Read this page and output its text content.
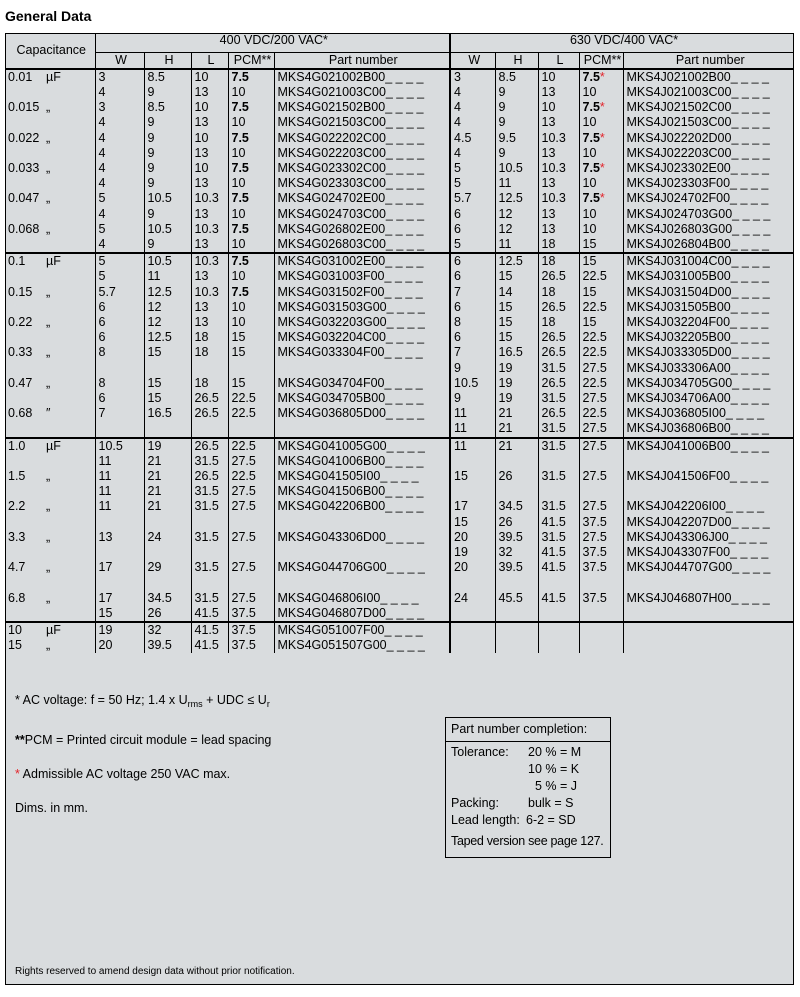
General Data
Capacitance	400 VDC/200 VAC*					630 VDC/400 VAC*				
	W	H	L	PCM**	Part number	W	H	L	PCM**	Part number
0.01 µF	3	8.5	10	7.5	MKS4G021002B00_ _ _ _	3	8.5	10	7.5*	MKS4J021002B00_ _ _ _
	4	9	13	10	MKS4G021003C00_ _ _ _	4	9	13	10	MKS4J021003C00_ _ _ _
0.015 „	3	8.5	10	7.5	MKS4G021502B00_ _ _ _	4	9	10	7.5*	MKS4J021502C00_ _ _ _
	4	9	13	10	MKS4G021503C00_ _ _ _	4	9	13	10	MKS4J021503C00_ _ _ _
0.022 „	4	9	10	7.5	MKS4G022202C00_ _ _ _	4.5	9.5	10.3	7.5*	MKS4J022202D00_ _ _ _
	4	9	13	10	MKS4G022203C00_ _ _ _	4	9	13	10	MKS4J022203C00_ _ _ _
0.033 „	4	9	10	7.5	MKS4G023302C00_ _ _ _	5	10.5	10.3	7.5*	MKS4J023302E00_ _ _ _
	4	9	13	10	MKS4G023303C00_ _ _ _	5	11	13	10	MKS4J023303F00_ _ _ _
0.047 „	5	10.5	10.3	7.5	MKS4G024702E00_ _ _ _	5.7	12.5	10.3	7.5*	MKS4J024702F00_ _ _ _
	4	9	13	10	MKS4G024703C00_ _ _ _	6	12	13	10	MKS4J024703G00_ _ _ _
0.068 „	5	10.5	10.3	7.5	MKS4G026802E00_ _ _ _	6	12	13	10	MKS4J026803G00_ _ _ _
	4	9	13	10	MKS4G026803C00_ _ _ _	5	11	18	15	MKS4J026804B00_ _ _ _
0.1 µF	5	10.5	10.3	7.5	MKS4G031002E00_ _ _ _	6	12.5	18	15	MKS4J031004C00_ _ _ _
	5	11	13	10	MKS4G031003F00_ _ _ _	6	15	26.5	22.5	MKS4J031005B00_ _ _ _
0.15 „	5.7	12.5	10.3	7.5	MKS4G031502F00_ _ _ _	7	14	18	15	MKS4J031504D00_ _ _ _
	6	12	13	10	MKS4G031503G00_ _ _ _	6	15	26.5	22.5	MKS4J031505B00_ _ _ _
0.22 „	6	12	13	10	MKS4G032203G00_ _ _ _	8	15	18	15	MKS4J032204F00_ _ _ _
	6	12.5	18	15	MKS4G032204C00_ _ _ _	6	15	26.5	22.5	MKS4J032205B00_ _ _ _
0.33 „	8	15	18	15	MKS4G033304F00_ _ _ _	7	16.5	26.5	22.5	MKS4J033305D00_ _ _ _
						9	19	31.5	27.5	MKS4J033306A00_ _ _ _
0.47 „	8	15	18	15	MKS4G034704F00_ _ _ _	10.5	19	26.5	22.5	MKS4J034705G00_ _ _ _
	6	15	26.5	22.5	MKS4G034705B00_ _ _ _	9	19	31.5	27.5	MKS4J034706A00_ _ _ _
0.68 ″	7	16.5	26.5	22.5	MKS4G036805D00_ _ _ _	11	21	26.5	22.5	MKS4J036805I00_ _ _ _
						11	21	31.5	27.5	MKS4J036806B00_ _ _ _
1.0 µF	10.5	19	26.5	22.5	MKS4G041005G00_ _ _ _	11	21	31.5	27.5	MKS4J041006B00_ _ _ _
	11	21	31.5	27.5	MKS4G041006B00_ _ _ _					
1.5 „	11	21	26.5	22.5	MKS4G041505I00_ _ _ _	15	26	31.5	27.5	MKS4J041506F00_ _ _ _
	11	21	31.5	27.5	MKS4G041506B00_ _ _ _					
2.2 „	11	21	31.5	27.5	MKS4G042206B00_ _ _ _	17	34.5	31.5	27.5	MKS4J042206I00_ _ _ _
						15	26	41.5	37.5	MKS4J042207D00_ _ _ _
3.3 „	13	24	31.5	27.5	MKS4G043306D00_ _ _ _	20	39.5	31.5	27.5	MKS4J043306J00_ _ _ _
						19	32	41.5	37.5	MKS4J043307F00_ _ _ _
4.7 „	17	29	31.5	27.5	MKS4G044706G00_ _ _ _	20	39.5	41.5	37.5	MKS4J044707G00_ _ _ _

6.8 „	17	34.5	31.5	27.5	MKS4G046806I00_ _ _ _	24	45.5	41.5	37.5	MKS4J046807H00_ _ _ _
	15	26	41.5	37.5	MKS4G046807D00_ _ _ _					
10 µF	19	32	41.5	37.5	MKS4G051007F00_ _ _ _					
15 „	20	39.5	41.5	37.5	MKS4G051507G00_ _ _ _					
* AC voltage: f = 50 Hz; 1.4 x $U_{rms}$ + UDC ≤ $U_r$
**PCM = Printed circuit module = lead spacing
* Admissible AC voltage 250 VAC max.
Dims. in mm.
Part number completion:
Tolerance: 20 % = M
10 % = K
5 % = J
Packing: bulk = S
Lead length: 6-2 = SD
Taped version see page 127.
Rights reserved to amend design data without prior notification.
